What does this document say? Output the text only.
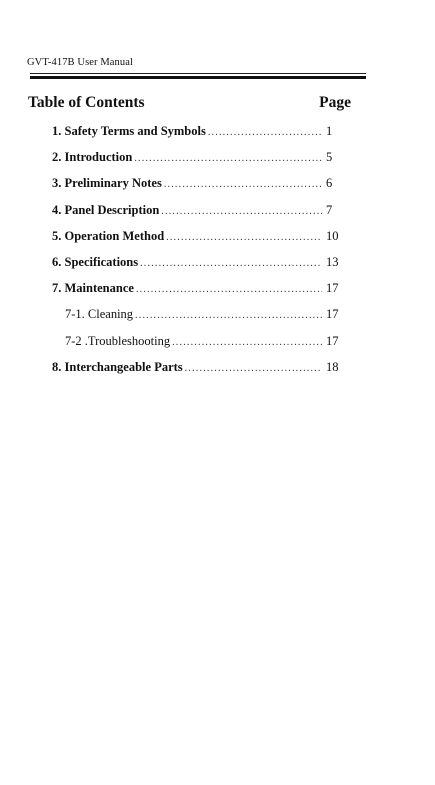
GVT-417B User Manual
Table of Contents	Page
1. Safety Terms and Symbols .....	1
2. Introduction .....	5
3. Preliminary Notes .....	6
4. Panel Description .....	7
5. Operation Method .....	10
6. Specifications .....	13
7. Maintenance .....	17
7-1. Cleaning .....	17
7-2 .Troubleshooting .....	17
8. Interchangeable Parts .....	18
